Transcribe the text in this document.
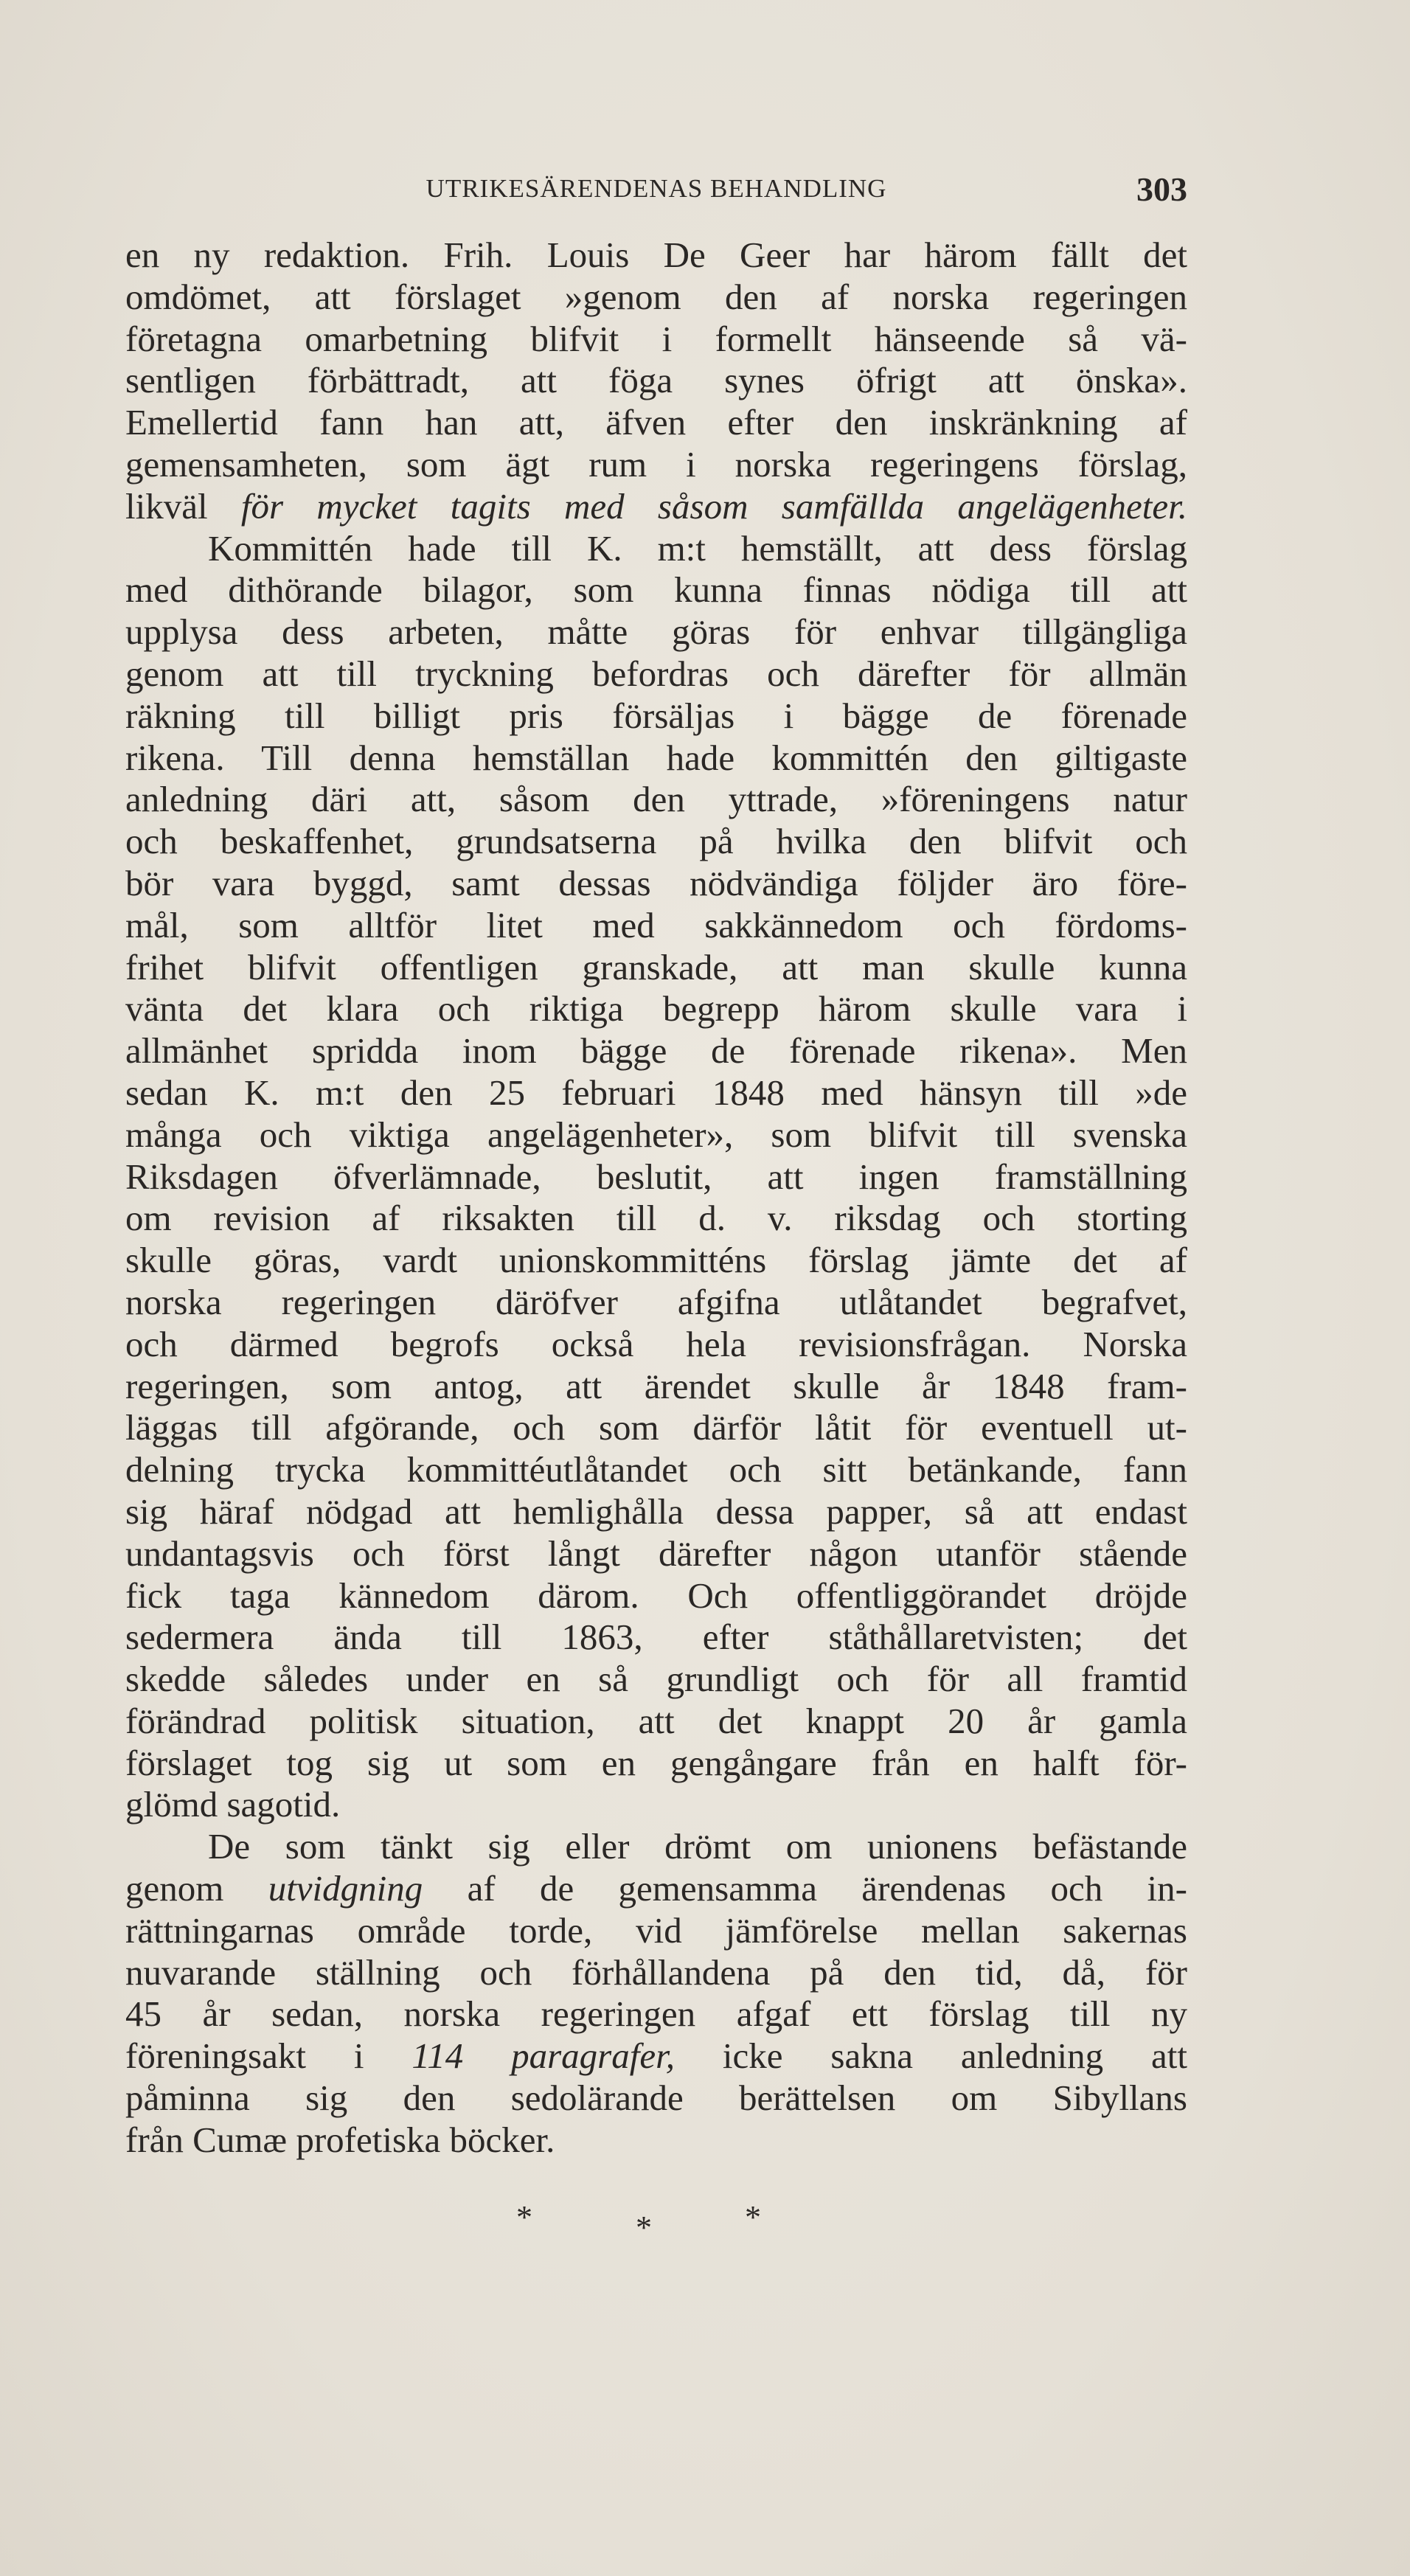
UTRIKESÄRENDENAS BEHANDLING	303
en ny redaktion. Frih. Louis De Geer har härom fällt det
omdömet, att förslaget »genom den af norska regeringen
företagna omarbetning blifvit i formellt hänseende så vä-
sentligen förbättradt, att föga synes öfrigt att önska».
Emellertid fann han att, äfven efter den inskränkning af
gemensamheten, som ägt rum i norska regeringens förslag,
likväl för mycket tagits med såsom samfällda angelägenheter.
Kommittén hade till K. m:t hemställt, att dess förslag
med dithörande bilagor, som kunna finnas nödiga till att
upplysa dess arbeten, måtte göras för enhvar tillgängliga
genom att till tryckning befordras och därefter för allmän
räkning till billigt pris försäljas i bägge de förenade
rikena. Till denna hemställan hade kommittén den giltigaste
anledning däri att, såsom den yttrade, »föreningens natur
och beskaffenhet, grundsatserna på hvilka den blifvit och
bör vara byggd, samt dessas nödvändiga följder äro före-
mål, som alltför litet med sakkännedom och fördoms-
frihet blifvit offentligen granskade, att man skulle kunna
vänta det klara och riktiga begrepp härom skulle vara i
allmänhet spridda inom bägge de förenade rikena». Men
sedan K. m:t den 25 februari 1848 med hänsyn till »de
många och viktiga angelägenheter», som blifvit till svenska
Riksdagen öfverlämnade, beslutit, att ingen framställning
om revision af riksakten till d. v. riksdag och storting
skulle göras, vardt unionskommitténs förslag jämte det af
norska regeringen däröfver afgifna utlåtandet begrafvet,
och därmed begrofs också hela revisionsfrågan. Norska
regeringen, som antog, att ärendet skulle år 1848 fram-
läggas till afgörande, och som därför låtit för eventuell ut-
delning trycka kommittéutlåtandet och sitt betänkande, fann
sig häraf nödgad att hemlighålla dessa papper, så att endast
undantagsvis och först långt därefter någon utanför stående
fick taga kännedom därom. Och offentliggörandet dröjde
sedermera ända till 1863, efter ståthållaretvisten; det
skedde således under en så grundligt och för all framtid
förändrad politisk situation, att det knappt 20 år gamla
förslaget tog sig ut som en gengångare från en halft för-
glömd sagotid.
De som tänkt sig eller drömt om unionens befästande
genom utvidgning af de gemensamma ärendenas och in-
rättningarnas område torde, vid jämförelse mellan sakernas
nuvarande ställning och förhållandena på den tid, då, för
45 år sedan, norska regeringen afgaf ett förslag till ny
föreningsakt i 114 paragrafer, icke sakna anledning att
påminna sig den sedolärande berättelsen om Sibyllans
från Cumæ profetiska böcker.
*	*	*
